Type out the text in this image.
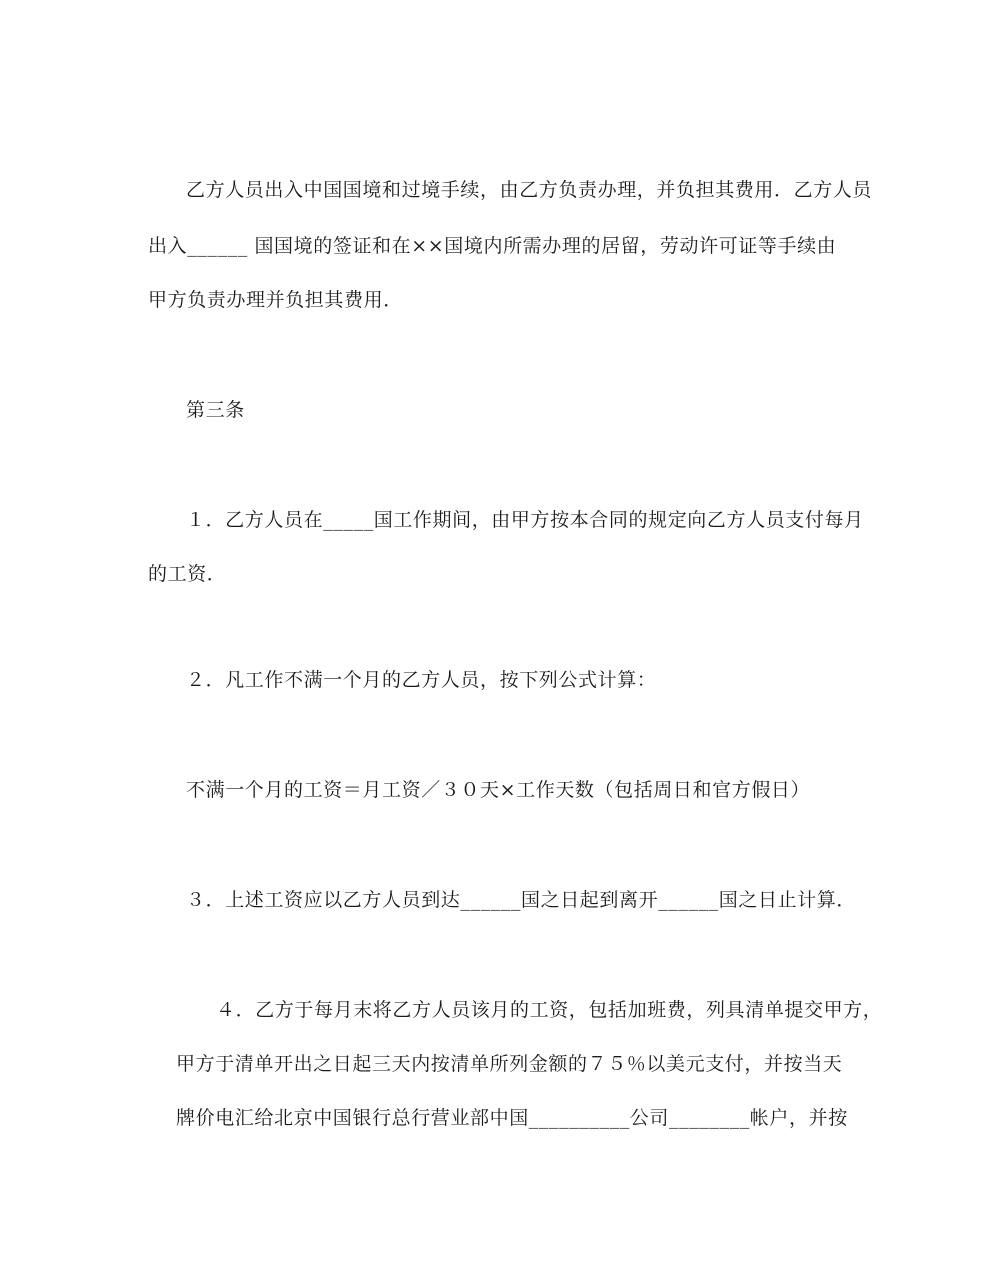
乙方人员出入中国国境和过境手续，由乙方负责办理，并负担其费用．乙方人员
出入______ 国国境的签证和在××国境内所需办理的居留，劳动许可证等手续由
甲方负责办理并负担其费用．
第三条
１．乙方人员在_____国工作期间，由甲方按本合同的规定向乙方人员支付每月
的工资．
２．凡工作不满一个月的乙方人员，按下列公式计算：
不满一个月的工资＝月工资／３０天×工作天数（包括周日和官方假日）
３．上述工资应以乙方人员到达______国之日起到离开______国之日止计算．
４．乙方于每月末将乙方人员该月的工资，包括加班费，列具清单提交甲方，
甲方于清单开出之日起三天内按清单所列金额的７５％以美元支付，并按当天
牌价电汇给北京中国银行总行营业部中国__________公司________帐户，并按
